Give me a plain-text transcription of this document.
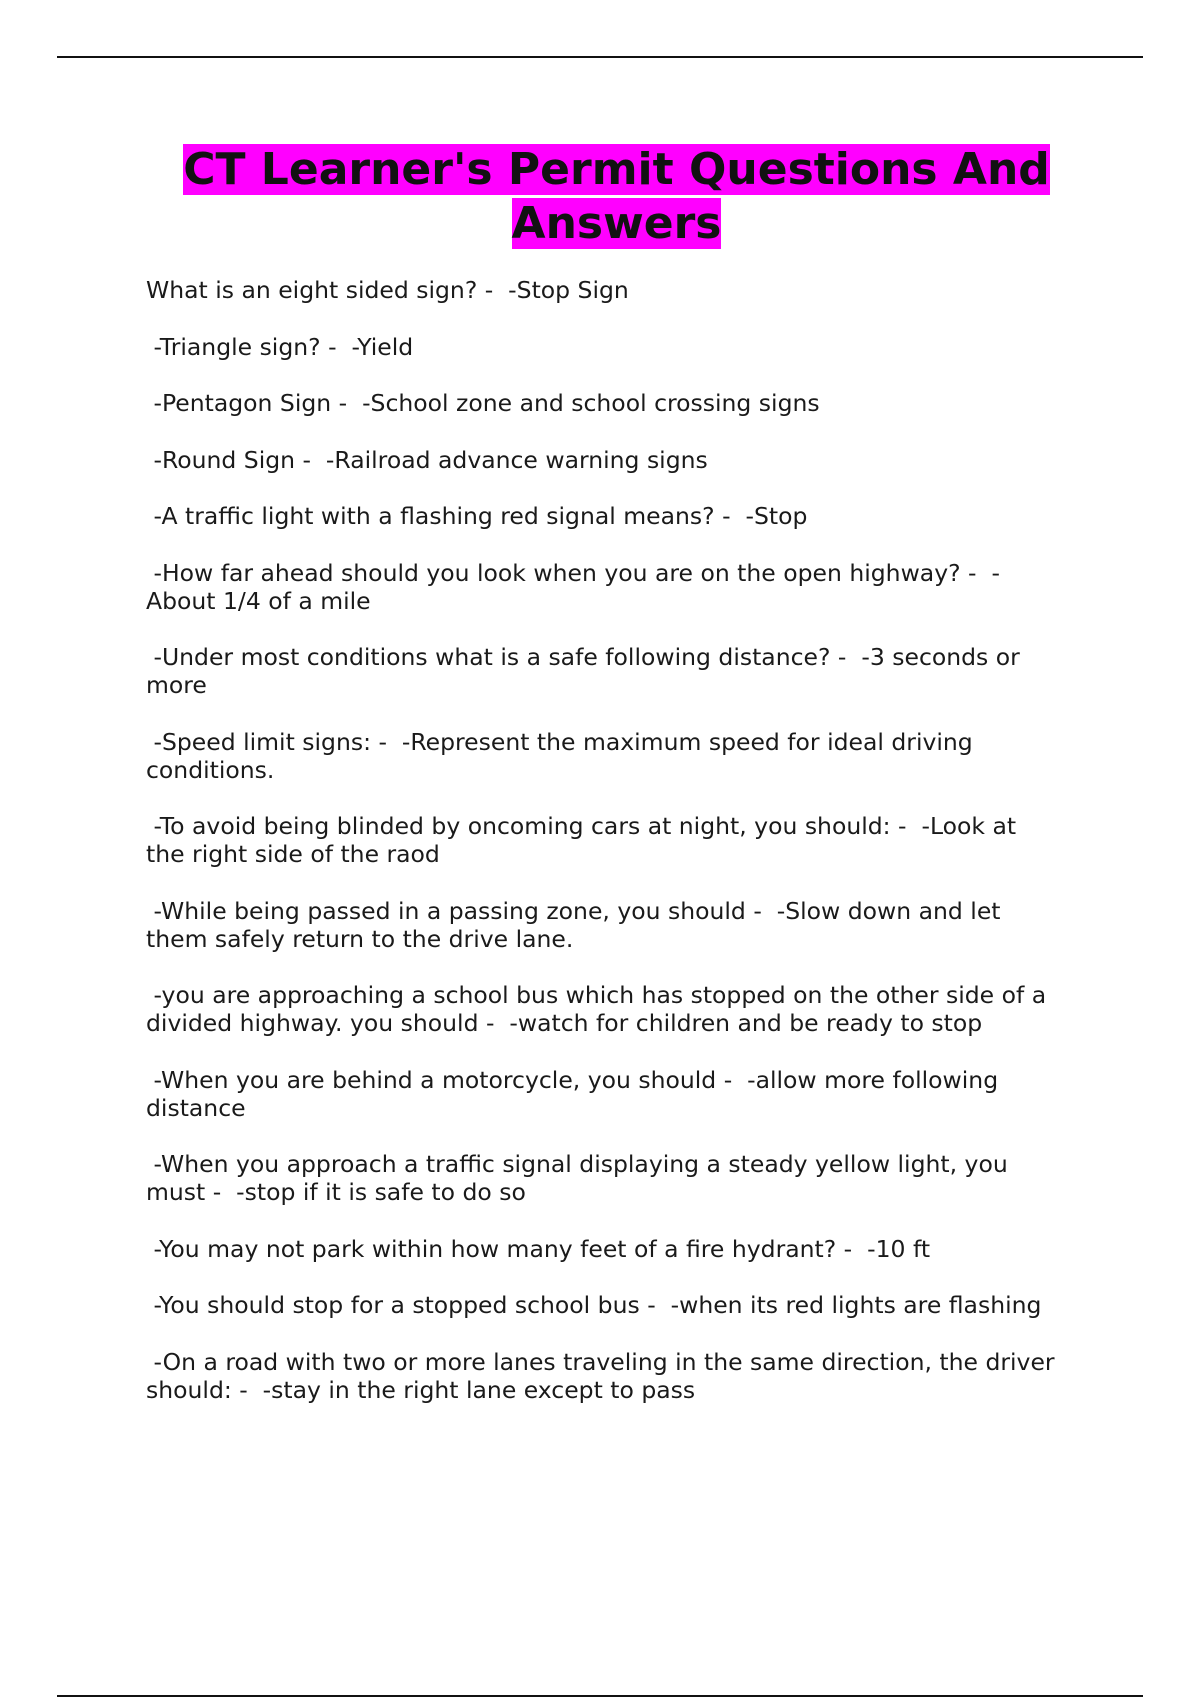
CT Learner's Permit Questions And Answers
What is an eight sided sign? -  -Stop Sign
-Triangle sign? -  -Yield
-Pentagon Sign -  -School zone and school crossing signs
-Round Sign -  -Railroad advance warning signs
-A traffic light with a flashing red signal means? -  -Stop
-How far ahead should you look when you are on the open highway? -  -
About 1/4 of a mile
-Under most conditions what is a safe following distance? -  -3 seconds or
more
-Speed limit signs: -  -Represent the maximum speed for ideal driving
conditions.
-To avoid being blinded by oncoming cars at night, you should: -  -Look at
the right side of the raod
-While being passed in a passing zone, you should -  -Slow down and let
them safely return to the drive lane.
-you are approaching a school bus which has stopped on the other side of a
divided highway. you should -  -watch for children and be ready to stop
-When you are behind a motorcycle, you should -  -allow more following
distance
-When you approach a traffic signal displaying a steady yellow light, you
must -  -stop if it is safe to do so
-You may not park within how many feet of a fire hydrant? -  -10 ft
-You should stop for a stopped school bus -  -when its red lights are flashing
-On a road with two or more lanes traveling in the same direction, the driver
should: -  -stay in the right lane except to pass
